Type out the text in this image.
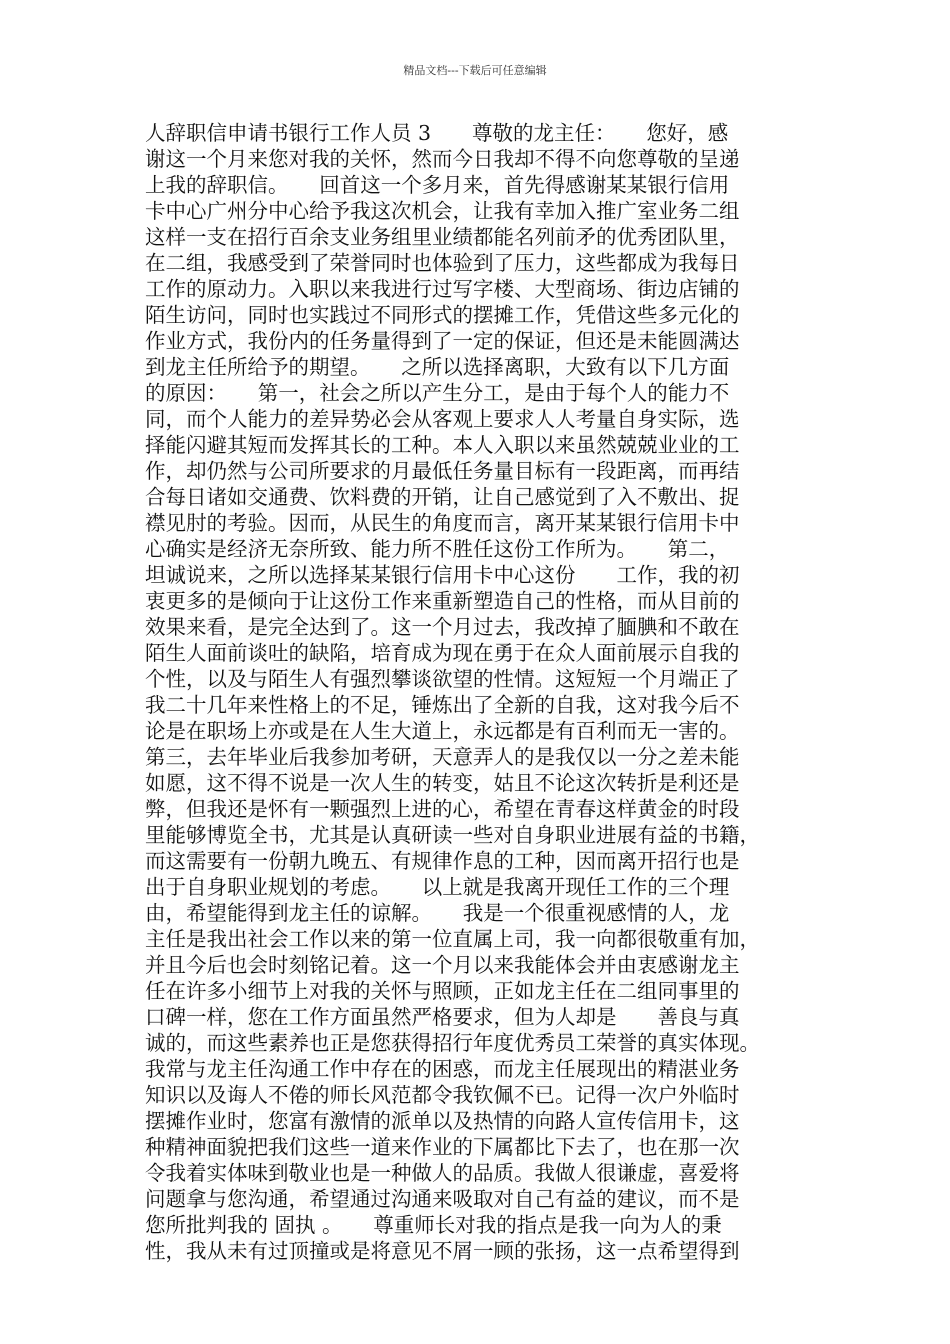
精品文档---下载后可任意编辑
人辞职信申请书银行工作人员 3　　尊敬的龙主任：　　您好，感
谢这一个月来您对我的关怀，然而今日我却不得不向您尊敬的呈递
上我的辞职信。　　回首这一个多月来，首先得感谢某某银行信用
卡中心广州分中心给予我这次机会，让我有幸加入推广室业务二组
这样一支在招行百余支业务组里业绩都能名列前矛的优秀团队里，
在二组，我感受到了荣誉同时也体验到了压力，这些都成为我每日
工作的原动力。入职以来我进行过写字楼、大型商场、街边店铺的
陌生访问，同时也实践过不同形式的摆摊工作，凭借这些多元化的
作业方式，我份内的任务量得到了一定的保证，但还是未能圆满达
到龙主任所给予的期望。　　之所以选择离职，大致有以下几方面
的原因：　　第一，社会之所以产生分工，是由于每个人的能力不
同，而个人能力的差异势必会从客观上要求人人考量自身实际，选
择能闪避其短而发挥其长的工种。本人入职以来虽然兢兢业业的工
作，却仍然与公司所要求的月最低任务量目标有一段距离，而再结
合每日诸如交通费、饮料费的开销，让自己感觉到了入不敷出、捉
襟见肘的考验。因而，从民生的角度而言，离开某某银行信用卡中
心确实是经济无奈所致、能力所不胜任这份工作所为。　　第二，
坦诚说来，之所以选择某某银行信用卡中心这份　　工作，我的初
衷更多的是倾向于让这份工作来重新塑造自己的性格，而从目前的
效果来看，是完全达到了。这一个月过去，我改掉了腼腆和不敢在
陌生人面前谈吐的缺陷，培育成为现在勇于在众人面前展示自我的
个性，以及与陌生人有强烈攀谈欲望的性情。这短短一个月端正了
我二十几年来性格上的不足，锤炼出了全新的自我，这对我今后不
论是在职场上亦或是在人生大道上，永远都是有百利而无一害的。
第三，去年毕业后我参加考研，天意弄人的是我仅以一分之差未能
如愿，这不得不说是一次人生的转变，姑且不论这次转折是利还是
弊，但我还是怀有一颗强烈上进的心，希望在青春这样黄金的时段
里能够博览全书，尤其是认真研读一些对自身职业进展有益的书籍，
而这需要有一份朝九晚五、有规律作息的工种，因而离开招行也是
出于自身职业规划的考虑。　　以上就是我离开现任工作的三个理
由，希望能得到龙主任的谅解。　　我是一个很重视感情的人，龙
主任是我出社会工作以来的第一位直属上司，我一向都很敬重有加，
并且今后也会时刻铭记着。这一个月以来我能体会并由衷感谢龙主
任在许多小细节上对我的关怀与照顾，正如龙主任在二组同事里的
口碑一样，您在工作方面虽然严格要求，但为人却是　　善良与真
诚的，而这些素养也正是您获得招行年度优秀员工荣誉的真实体现。
我常与龙主任沟通工作中存在的困惑，而龙主任展现出的精湛业务
知识以及诲人不倦的师长风范都令我钦佩不已。记得一次户外临时
摆摊作业时，您富有激情的派单以及热情的向路人宣传信用卡，这
种精神面貌把我们这些一道来作业的下属都比下去了，也在那一次
令我着实体味到敬业也是一种做人的品质。我做人很谦虚，喜爱将
问题拿与您沟通，希望通过沟通来吸取对自己有益的建议，而不是
您所批判我的 固执 。　　尊重师长对我的指点是我一向为人的秉
性，我从未有过顶撞或是将意见不屑一顾的张扬，这一点希望得到
